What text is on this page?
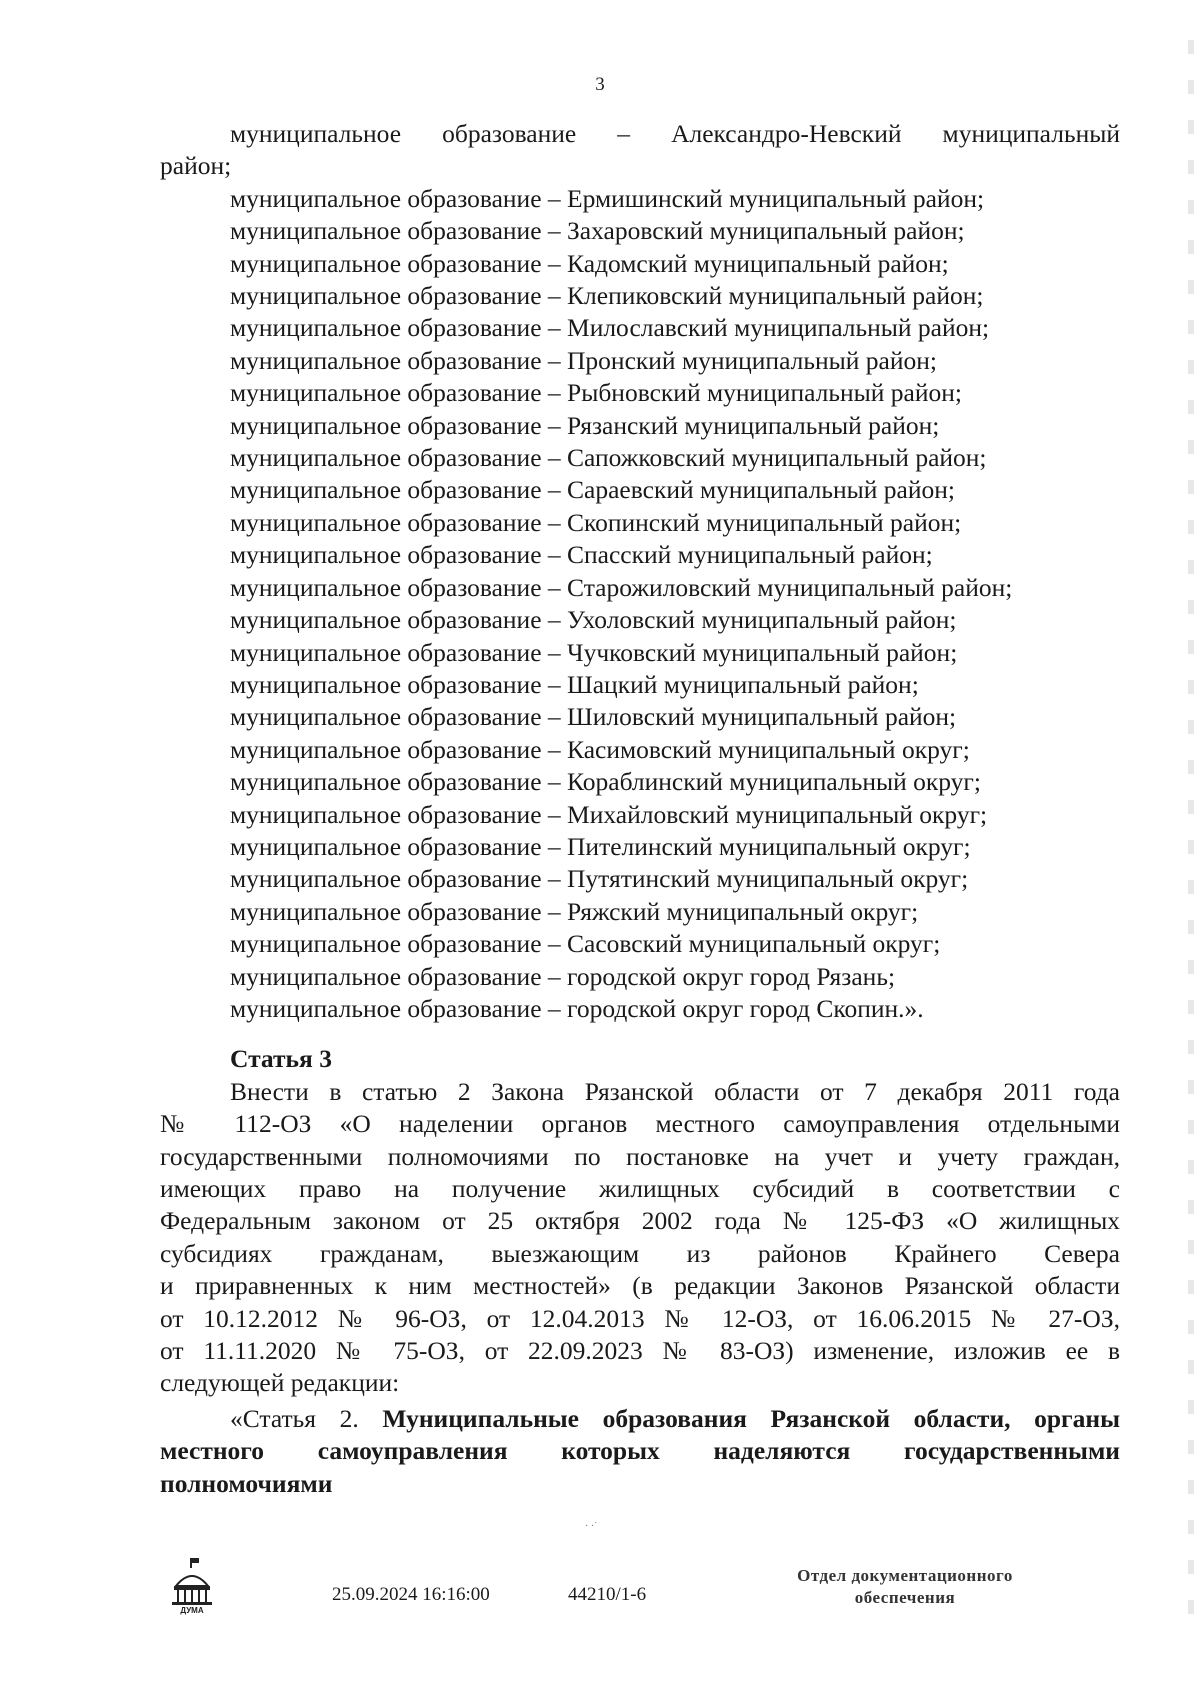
3

муниципальное образование – Александро-Невский муниципальный

район;

муниципальное образование – Ермишинский муниципальный район;

муниципальное образование – Захаровский муниципальный район;

муниципальное образование – Кадомский муниципальный район;

муниципальное образование – Клепиковский муниципальный район;

муниципальное образование – Милославский муниципальный район;

муниципальное образование – Пронский муниципальный район;

муниципальное образование – Рыбновский муниципальный район;

муниципальное образование – Рязанский муниципальный район;

муниципальное образование – Сапожковский муниципальный район;

муниципальное образование – Сараевский муниципальный район;

муниципальное образование – Скопинский муниципальный район;

муниципальное образование – Спасский муниципальный район;

муниципальное образование – Старожиловский муниципальный район;

муниципальное образование – Ухоловский муниципальный район;

муниципальное образование – Чучковский муниципальный район;

муниципальное образование – Шацкий муниципальный район;

муниципальное образование – Шиловский муниципальный район;

муниципальное образование – Касимовский муниципальный округ;

муниципальное образование – Кораблинский муниципальный округ;

муниципальное образование – Михайловский муниципальный округ;

муниципальное образование – Пителинский муниципальный округ;

муниципальное образование – Путятинский муниципальный округ;

муниципальное образование – Ряжский муниципальный округ;

муниципальное образование – Сасовский муниципальный округ;

муниципальное образование – городской округ город Рязань;

муниципальное образование – городской округ город Скопин.».

Статья 3

Внести в статью 2 Закона Рязанской области от 7 декабря 2011 года

№ 112-ОЗ «О наделении органов местного самоуправления отдельными

государственными полномочиями по постановке на учет и учету граждан,

имеющих право на получение жилищных субсидий в соответствии с

Федеральным законом от 25 октября 2002 года № 125-ФЗ «О жилищных

субсидиях гражданам, выезжающим из районов Крайнего Севера

и приравненных к ним местностей» (в редакции Законов Рязанской области

от 10.12.2012 № 96-ОЗ, от 12.04.2013 № 12-ОЗ, от 16.06.2015 № 27-ОЗ,

от 11.11.2020 № 75-ОЗ, от 22.09.2023 № 83-ОЗ) изменение, изложив ее в

следующей редакции:

«Статья 2. Муниципальные образования Рязанской области, органы

местного самоуправления которых наделяются государственными

полномочиями

· ·˙
ДУМА
25.09.2024 16:16:00	44210/1-6
Отдел документационного
обеспечения
